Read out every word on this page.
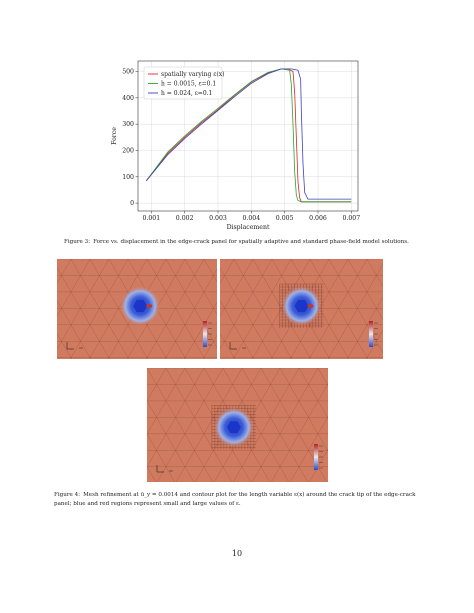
0.001	0.002	0.003	0.004	0.005	0.006	0.007
0
100
200
300
400
500
Displacement
Force
spatially varying ε(x)
h = 0.0015, ε=0.1
h = 0.024, ε=0.1
Figure 3: Force vs. displacement in the edge-crack panel for spatially adaptive and standard phase-field model solutions.
Figure 4: Mesh refinement at ū_y = 0.0014 and contour plot for the length variable ε(x) around the crack tip of the edge-crack panel; blue and red regions represent small and large values of ε.
10
